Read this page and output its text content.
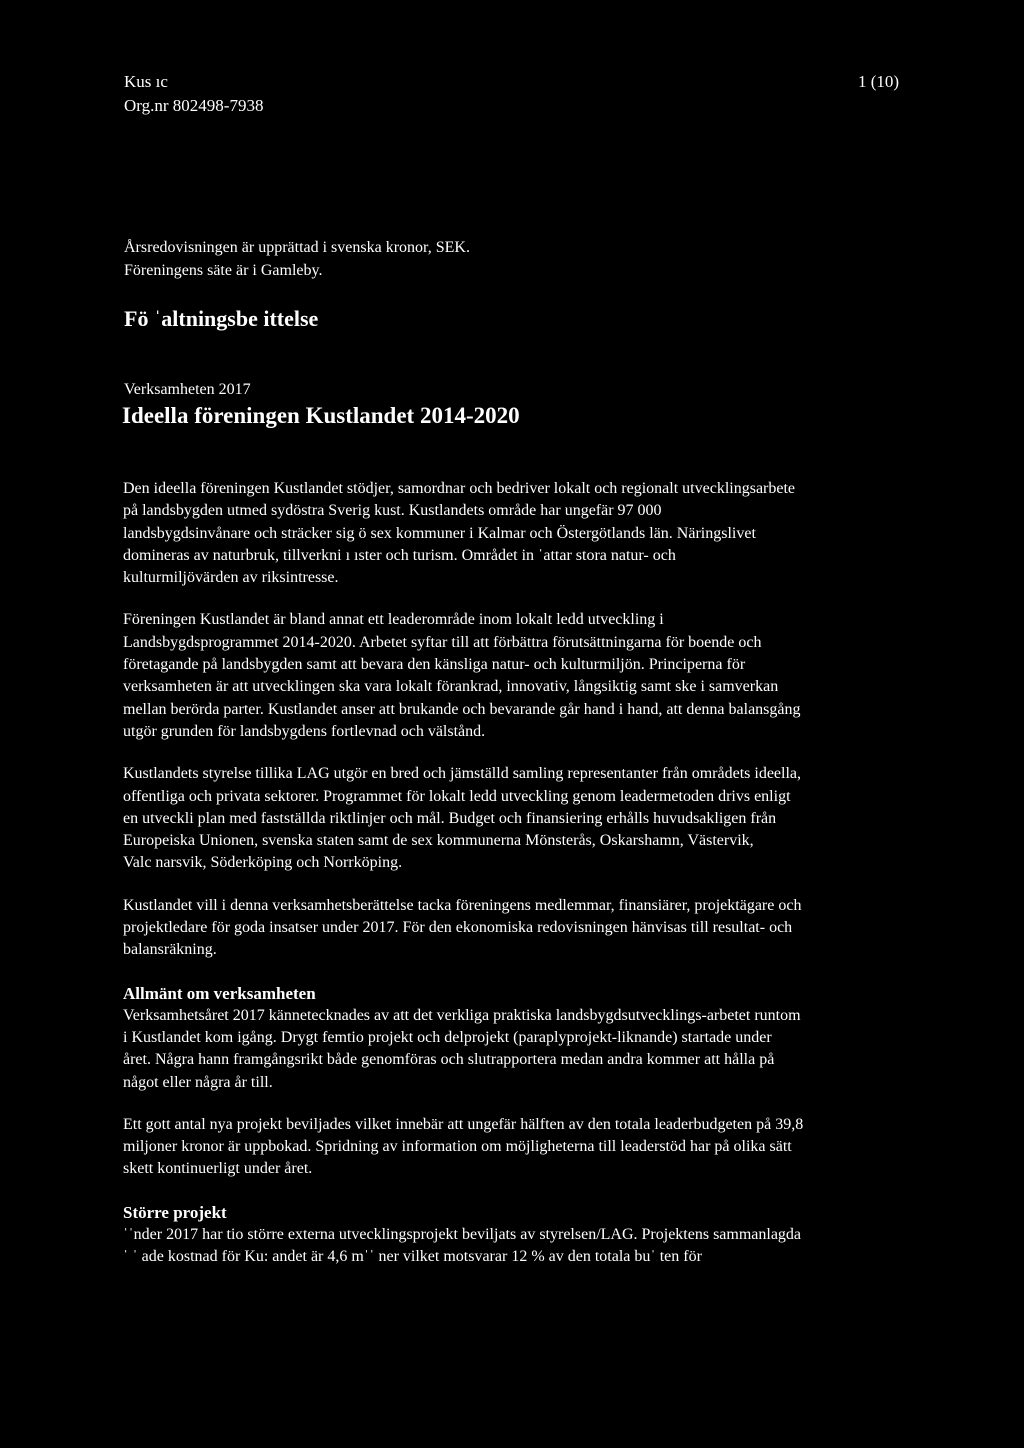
Kus ıc
Org.nr 802498-7938
1 (10)
Årsredovisningen är upprättad i svenska kronor, SEK.
Föreningens säte är i Gamleby.
Fö ˈaltningsbe ittelse
Verksamheten 2017
Ideella föreningen Kustlandet 2014-2020

Den ideella föreningen Kustlandet stödjer, samordnar och bedriver lokalt och regionalt utvecklingsarbete

på landsbygden utmed sydöstra Sverig kust. Kustlandets område har ungefär 97 000

landsbygdsinvånare och sträcker sig ö sex kommuner i Kalmar och Östergötlands län. Näringslivet

domineras av naturbruk, tillverkni ı ıster och turism. Området in ˈattar stora natur- och

kulturmiljövärden av riksintresse.

Föreningen Kustlandet är bland annat ett leaderområde inom lokalt ledd utveckling i

Landsbygdsprogrammet 2014-2020. Arbetet syftar till att förbättra förutsättningarna för boende och

företagande på landsbygden samt att bevara den känsliga natur- och kulturmiljön. Principerna för

verksamheten är att utvecklingen ska vara lokalt förankrad, innovativ, långsiktig samt ske i samverkan

mellan berörda parter. Kustlandet anser att brukande och bevarande går hand i hand, att denna balansgång

utgör grunden för landsbygdens fortlevnad och välstånd.

Kustlandets styrelse tillika LAG utgör en bred och jämställd samling representanter från områdets ideella,

offentliga och privata sektorer. Programmet för lokalt ledd utveckling genom leadermetoden drivs enligt

en utveckli plan med fastställda riktlinjer och mål. Budget och finansiering erhålls huvudsakligen från

Europeiska Unionen, svenska staten samt de sex kommunerna Mönsterås, Oskarshamn, Västervik,

Valc narsvik, Söderköping och Norrköping.

Kustlandet vill i denna verksamhetsberättelse tacka föreningens medlemmar, finansiärer, projektägare och

projektledare för goda insatser under 2017. För den ekonomiska redovisningen hänvisas till resultat- och

balansräkning.

Allmänt om verksamheten

Verksamhetsåret 2017 kännetecknades av att det verkliga praktiska landsbygdsutvecklings-arbetet runtom

i Kustlandet kom igång. Drygt femtio projekt och delprojekt (paraplyprojekt-liknande) startade under

året. Några hann framgångsrikt både genomföras och slutrapportera medan andra kommer att hålla på

något eller några år till.

Ett gott antal nya projekt beviljades vilket innebär att ungefär hälften av den totala leaderbudgeten på 39,8

miljoner kronor är uppbokad. Spridning av information om möjligheterna till leaderstöd har på olika sätt

skett kontinuerligt under året.

Större projekt

ˈˈnder 2017 har tio större externa utvecklingsprojekt beviljats av styrelsen/LAG. Projektens sammanlagda

ˈ ˈ ade kostnad för Ku: andet är 4,6 mˈˈ ner vilket motsvarar 12 % av den totala buˈ ten för
